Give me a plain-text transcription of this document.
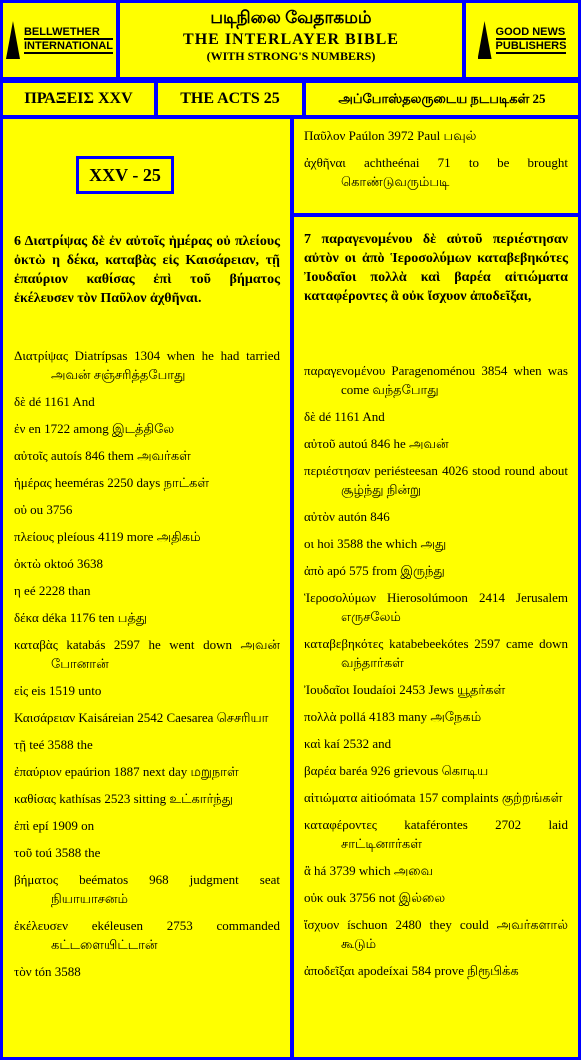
BELLWETHER
INTERNATIONAL
படிநிலை வேதாகமம்
THE INTERLAYER BIBLE
(WITH STRONG'S NUMBERS)
GOOD NEWS
PUBLISHERS
ΠΡΑΞΕΙΣ XXV	THE ACTS 25	அப்போஸ்தலருடைய நடபடிகள் 25
XXV - 25
6 Διατρίψας δὲ ἐν αὐτοῖς ἡμέρας οὐ πλείους ὀκτὼ η δέκα, καταβὰς εἰς Καισάρειαν, τῇ ἐπαύριον καθίσας ἐπὶ τοῦ βήματος ἐκέλευσεν τὸν Παῦλον ἀχθῆναι.
Διατρίψας Diatrípsas 1304 when he had tarried அவன் சஞ்சரித்தபோது
δὲ dé 1161 And
ἐν en 1722 among இடத்திலே
αὐτοῖς autoís 846 them அவர்கள்
ἡμέρας heeméras 2250 days நாட்கள்
οὐ ou 3756
πλείους pleíous 4119 more அதிகம்
ὀκτὼ oktoó 3638
η eé 2228 than
δέκα déka 1176 ten பத்து
καταβὰς katabás 2597 he went down அவன் போனான்
εἰς eis 1519 unto
Καισάρειαν Kaisáreian 2542 Caesarea செசரியா
τῇ teé 3588 the
ἐπαύριον epaúrion 1887 next day மறுநாள்
καθίσας kathísas 2523 sitting உட்கார்ந்து
ἐπὶ epí 1909 on
τοῦ toú 3588 the
βήματος beématos 968 judgment seat நியாயாசனம்
ἐκέλευσεν ekéleusen 2753 commanded கட்டளையிட்டான்
τὸν tón 3588
Παῦλον Paúlon 3972 Paul பவுல்
ἀχθῆναι achtheénai 71 to be brought கொண்டுவரும்படி
7 παραγενομένου δὲ αὐτοῦ περιέστησαν αὐτὸν οι ἀπὸ Ἱεροσολύμων καταβεβηκότες Ἰουδαῖοι πολλὰ καὶ βαρέα αἰτιώματα καταφέροντες ἃ οὐκ ἴσχυον ἀποδεῖξαι,
παραγενομένου Paragenoménou 3854 when was come வந்தபோது
δὲ dé 1161 And
αὐτοῦ autoú 846 he அவன்
περιέστησαν periésteesan 4026 stood round about சூழ்ந்து நின்று
αὐτὸν autón 846
οι hoi 3588 the which அது
ἀπὸ apó 575 from இருந்து
Ἱεροσολύμων Hierosolúmoon 2414 Jerusalem எருசலேம்
καταβεβηκότες katabebeekótes 2597 came down வந்தார்கள்
Ἰουδαῖοι Ioudaíoi 2453 Jews யூதர்கள்
πολλὰ pollá 4183 many அநேகம்
καὶ kaí 2532 and
βαρέα baréa 926 grievous கொடிய
αἰτιώματα aitioómata 157 complaints குற்றங்கள்
καταφέροντες kataférontes 2702 laid சாட்டினார்கள்
ἃ há 3739 which அவை
οὐκ ouk 3756 not இல்லை
ἴσχυον íschuon 2480 they could அவர்களால் கூடும்
ἀποδεῖξαι apodeíxai 584 prove நிரூபிக்க
